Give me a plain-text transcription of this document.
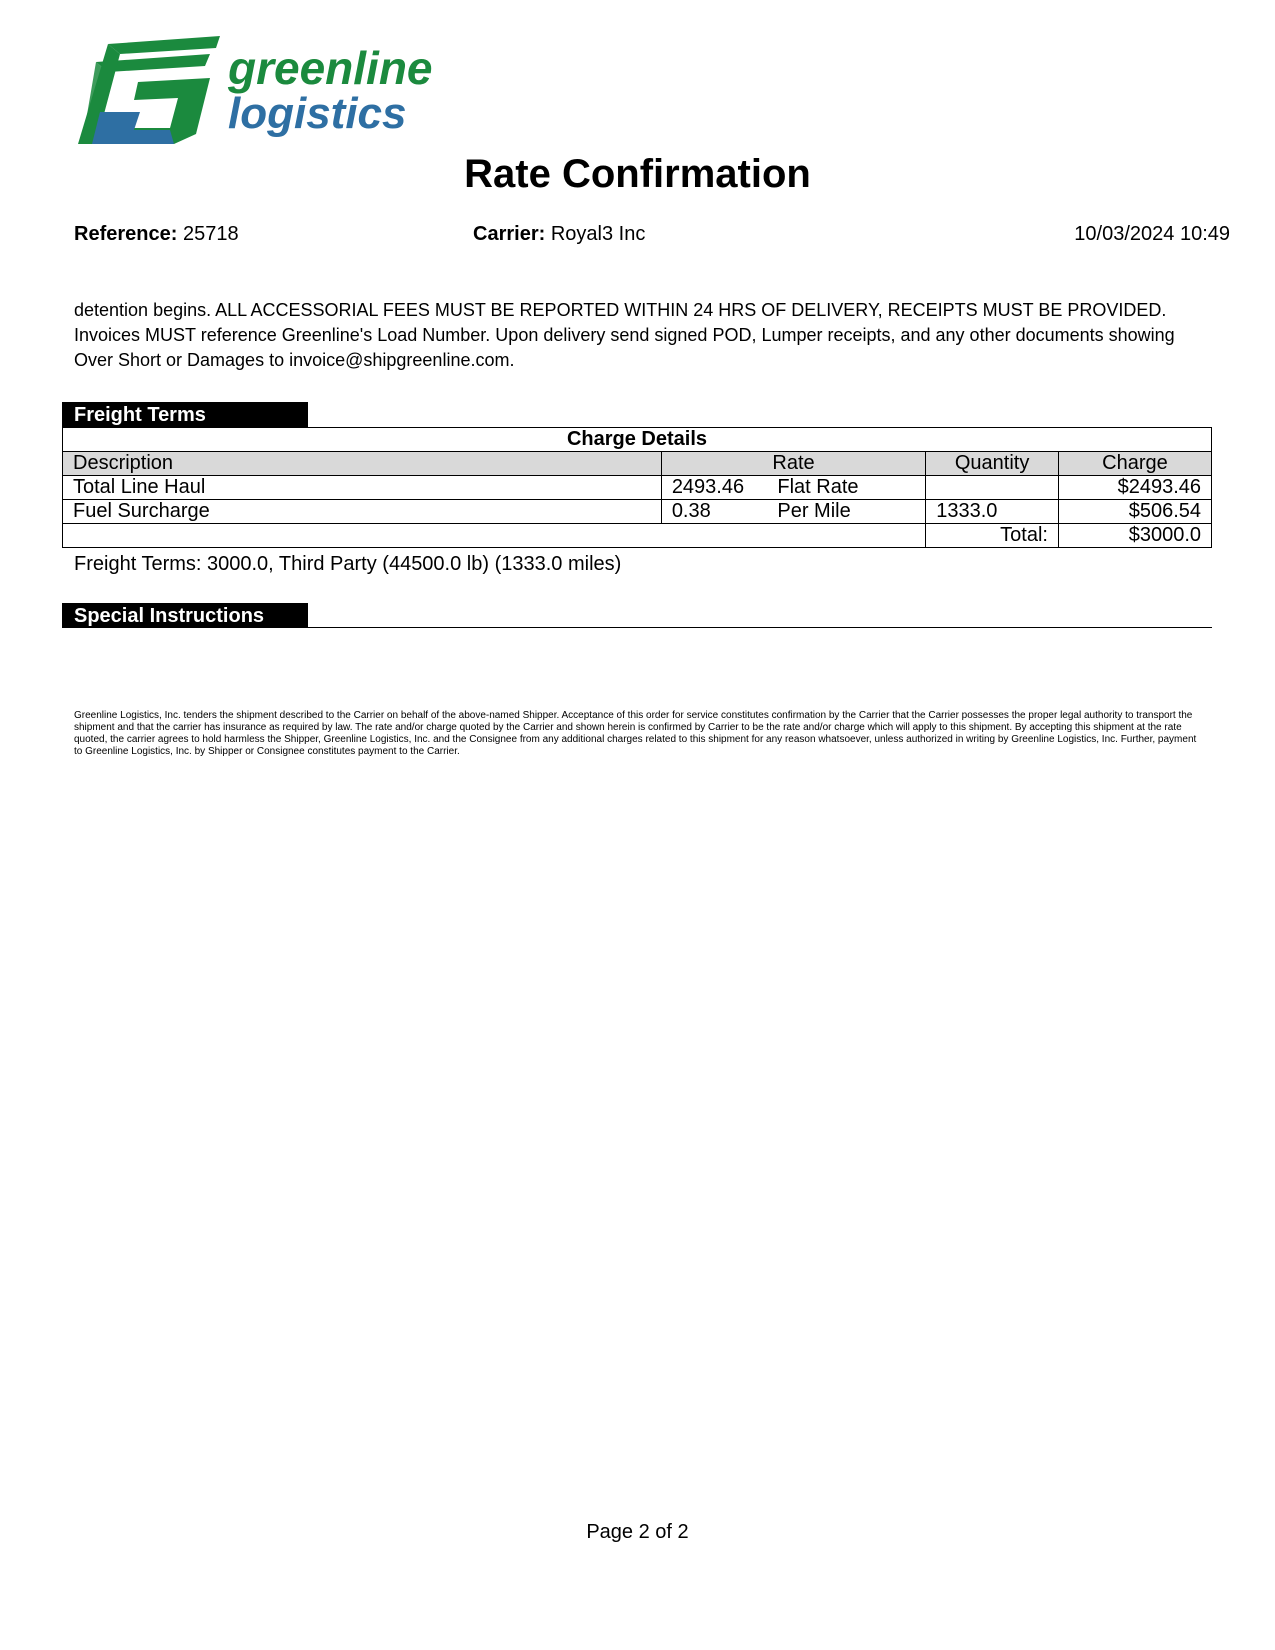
greenline
logistics
Rate Confirmation
Reference: 25718	Carrier: Royal3 Inc	10/03/2024 10:49

detention begins. ALL ACCESSORIAL FEES MUST BE REPORTED WITHIN 24 HRS OF DELIVERY, RECEIPTS MUST BE PROVIDED. Invoices MUST reference Greenline's Load Number. Upon delivery send signed POD, Lumper receipts, and any other documents showing Over Short or Damages to invoice@shipgreenline.com.

Freight Terms
Charge Details			
Description	Rate	Quantity	Charge
Total Line Haul	2493.46 Flat Rate		$2493.46
Fuel Surcharge	0.38 Per Mile	1333.0	$506.54
		Total:	$3000.0

Freight Terms: 3000.0, Third Party (44500.0 lb) (1333.0 miles)

Special Instructions

Greenline Logistics, Inc. tenders the shipment described to the Carrier on behalf of the above-named Shipper. Acceptance of this order for service constitutes confirmation by the Carrier that the Carrier possesses the proper legal authority to transport the shipment and that the carrier has insurance as required by law. The rate and/or charge quoted by the Carrier and shown herein is confirmed by Carrier to be the rate and/or charge which will apply to this shipment. By accepting this shipment at the rate quoted, the carrier agrees to hold harmless the Shipper, Greenline Logistics, Inc. and the Consignee from any additional charges related to this shipment for any reason whatsoever, unless authorized in writing by Greenline Logistics, Inc. Further, payment to Greenline Logistics, Inc. by Shipper or Consignee constitutes payment to the Carrier.

Page 2 of 2
